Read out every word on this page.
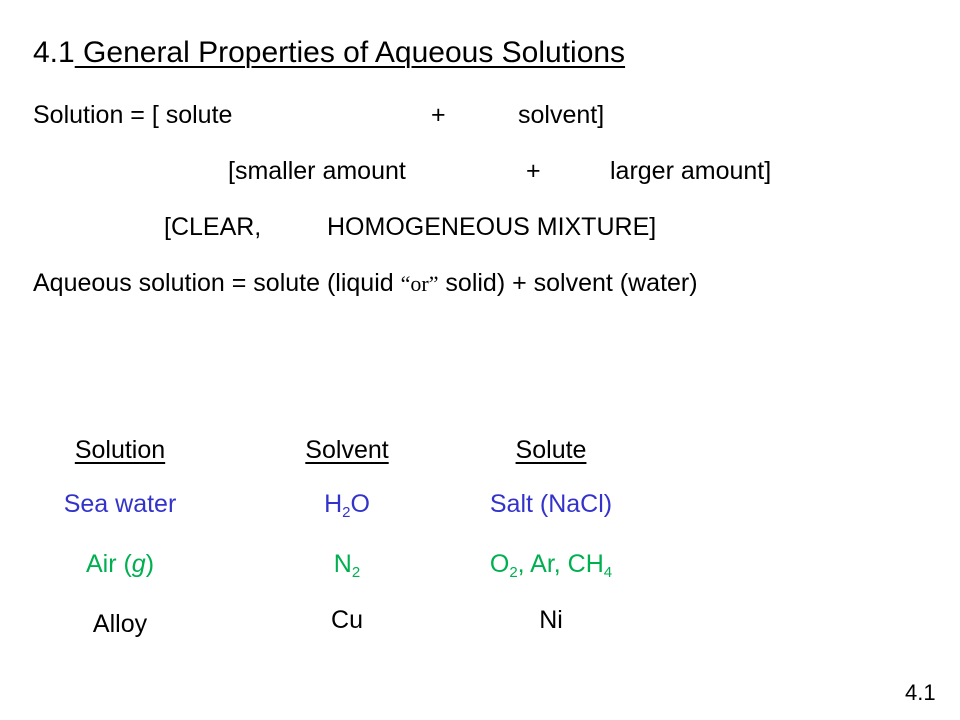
4.1 General Properties of Aqueous Solutions
Solution = [ solute	+	solvent]
[smaller amount	+	larger amount]
[CLEAR,	HOMOGENEOUS MIXTURE]
Aqueous solution = solute (liquid “or” solid) + solvent (water)
Solution	Solvent	Solute
Sea water	$H_2O$	Salt (NaCl)
Air (g)	$N_2$	$O_2$, Ar, $CH_4$
Alloy	Cu	Ni
4.1
